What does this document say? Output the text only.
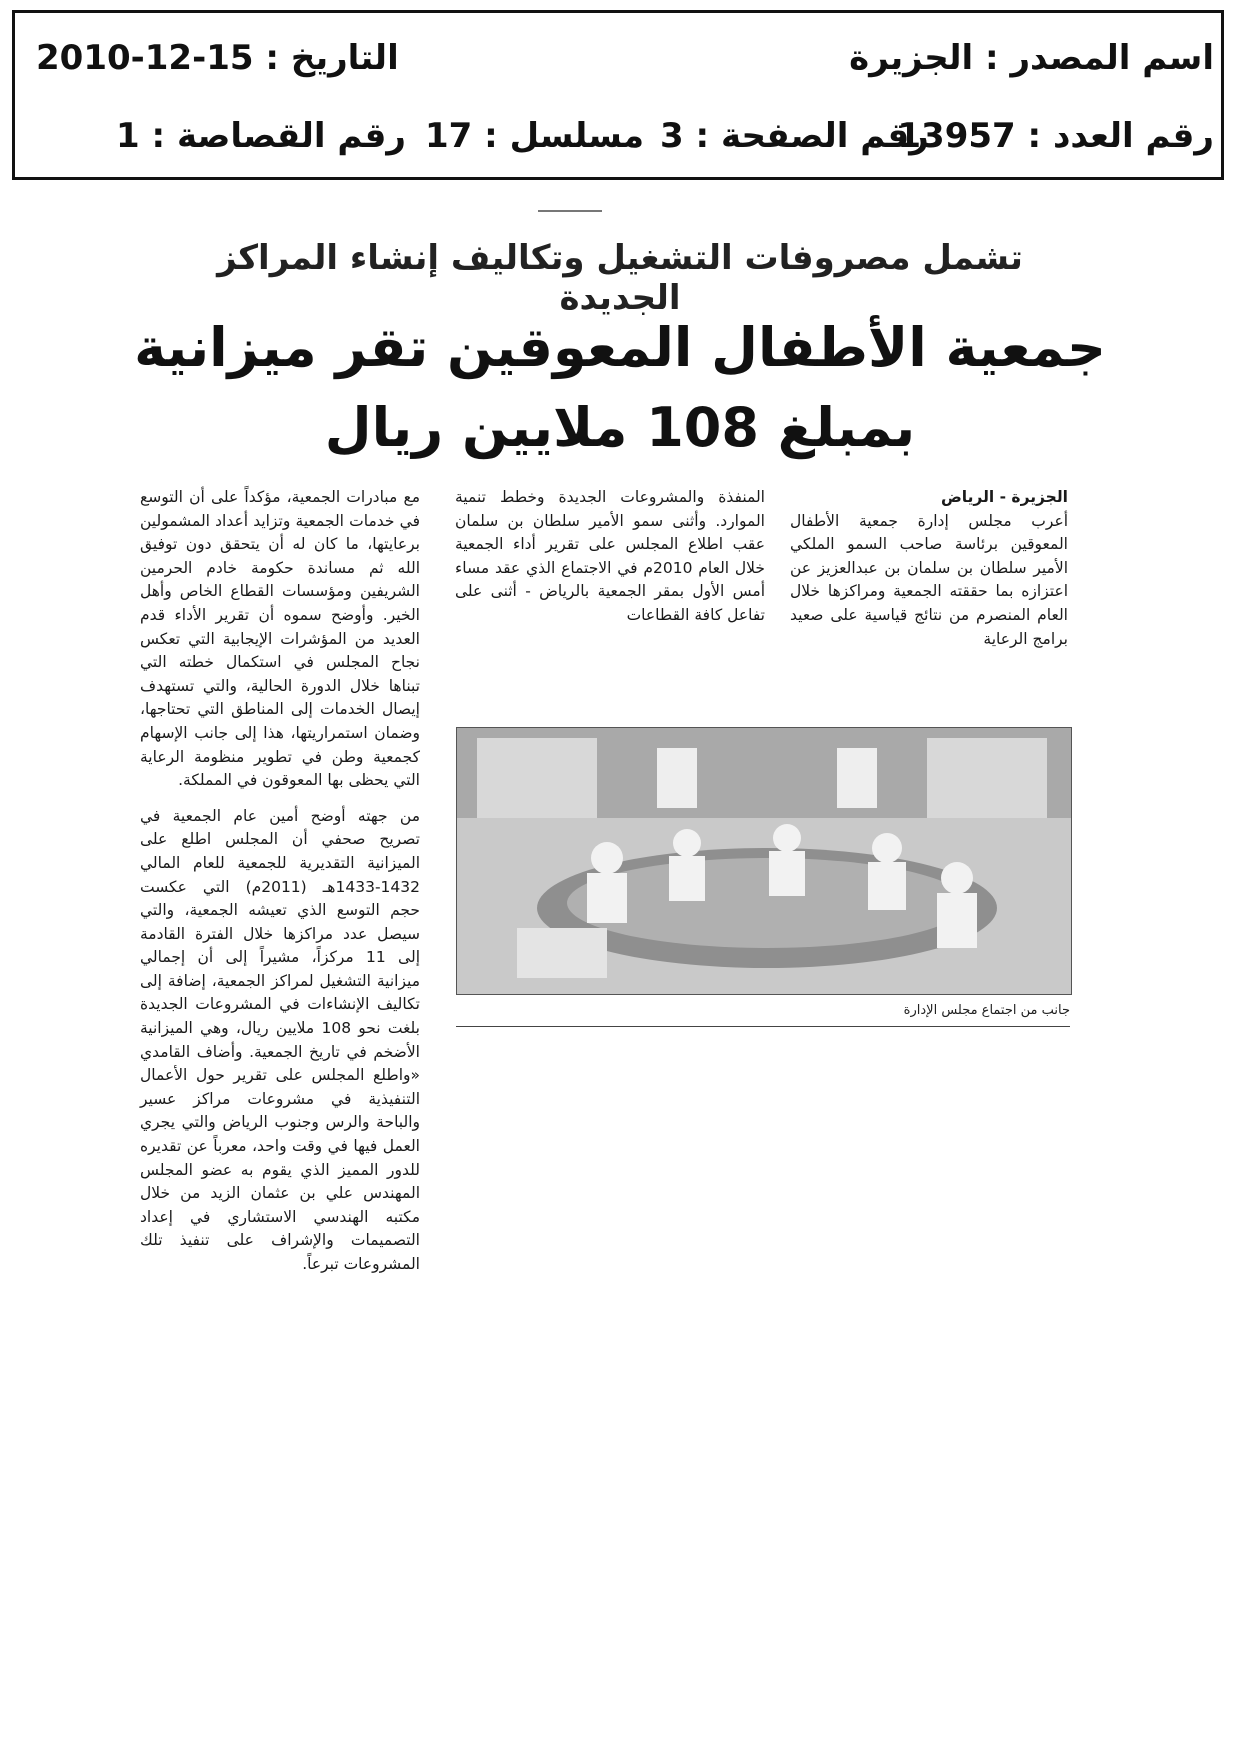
اسم المصدر : الجزيرة
التاريخ : 15-12-2010
رقم العدد : 13957
رقم الصفحة : 3
مسلسل : 17
رقم القصاصة : 1
تشمل مصروفات التشغيل وتكاليف إنشاء المراكز الجديدة
جمعية الأطفال المعوقين تقر ميزانية
بمبلغ 108 ملايين ريال

الجزيرة - الرياض

أعرب مجلس إدارة جمعية الأطفال المعوقين برئاسة صاحب السمو الملكي الأمير سلطان بن سلمان بن عبدالعزيز عن اعتزازه بما حققته الجمعية ومراكزها خلال العام المنصرم من نتائج قياسية على صعيد برامج الرعاية

المنفذة والمشروعات الجديدة وخطط تنمية الموارد. وأثنى سمو الأمير سلطان بن سلمان عقب اطلاع المجلس على تقرير أداء الجمعية خلال العام 2010م في الاجتماع الذي عقد مساء أمس الأول بمقر الجمعية بالرياض - أثنى على تفاعل كافة القطاعات

جانب من اجتماع مجلس الإدارة

مع مبادرات الجمعية، مؤكداً على أن التوسع في خدمات الجمعية وتزايد أعداد المشمولين برعايتها، ما كان له أن يتحقق دون توفيق الله ثم مساندة حكومة خادم الحرمين الشريفين ومؤسسات القطاع الخاص وأهل الخير. وأوضح سموه أن تقرير الأداء قدم العديد من المؤشرات الإيجابية التي تعكس نجاح المجلس في استكمال خطته التي تبناها خلال الدورة الحالية، والتي تستهدف إيصال الخدمات إلى المناطق التي تحتاجها، وضمان استمراريتها، هذا إلى جانب الإسهام كجمعية وطن في تطوير منظومة الرعاية التي يحظى بها المعوقون في المملكة.

من جهته أوضح أمين عام الجمعية في تصريح صحفي أن المجلس اطلع على الميزانية التقديرية للجمعية للعام المالي 1432-1433هـ (2011م) التي عكست حجم التوسع الذي تعيشه الجمعية، والتي سيصل عدد مراكزها خلال الفترة القادمة إلى 11 مركزاً، مشيراً إلى أن إجمالي ميزانية التشغيل لمراكز الجمعية، إضافة إلى تكاليف الإنشاءات في المشروعات الجديدة بلغت نحو 108 ملايين ريال، وهي الميزانية الأضخم في تاريخ الجمعية. وأضاف القامدي «واطلع المجلس على تقرير حول الأعمال التنفيذية في مشروعات مراكز عسير والباحة والرس وجنوب الرياض والتي يجري العمل فيها في وقت واحد، معرباً عن تقديره للدور المميز الذي يقوم به عضو المجلس المهندس علي بن عثمان الزيد من خلال مكتبه الهندسي الاستشاري في إعداد التصميمات والإشراف على تنفيذ تلك المشروعات تبرعاً.
